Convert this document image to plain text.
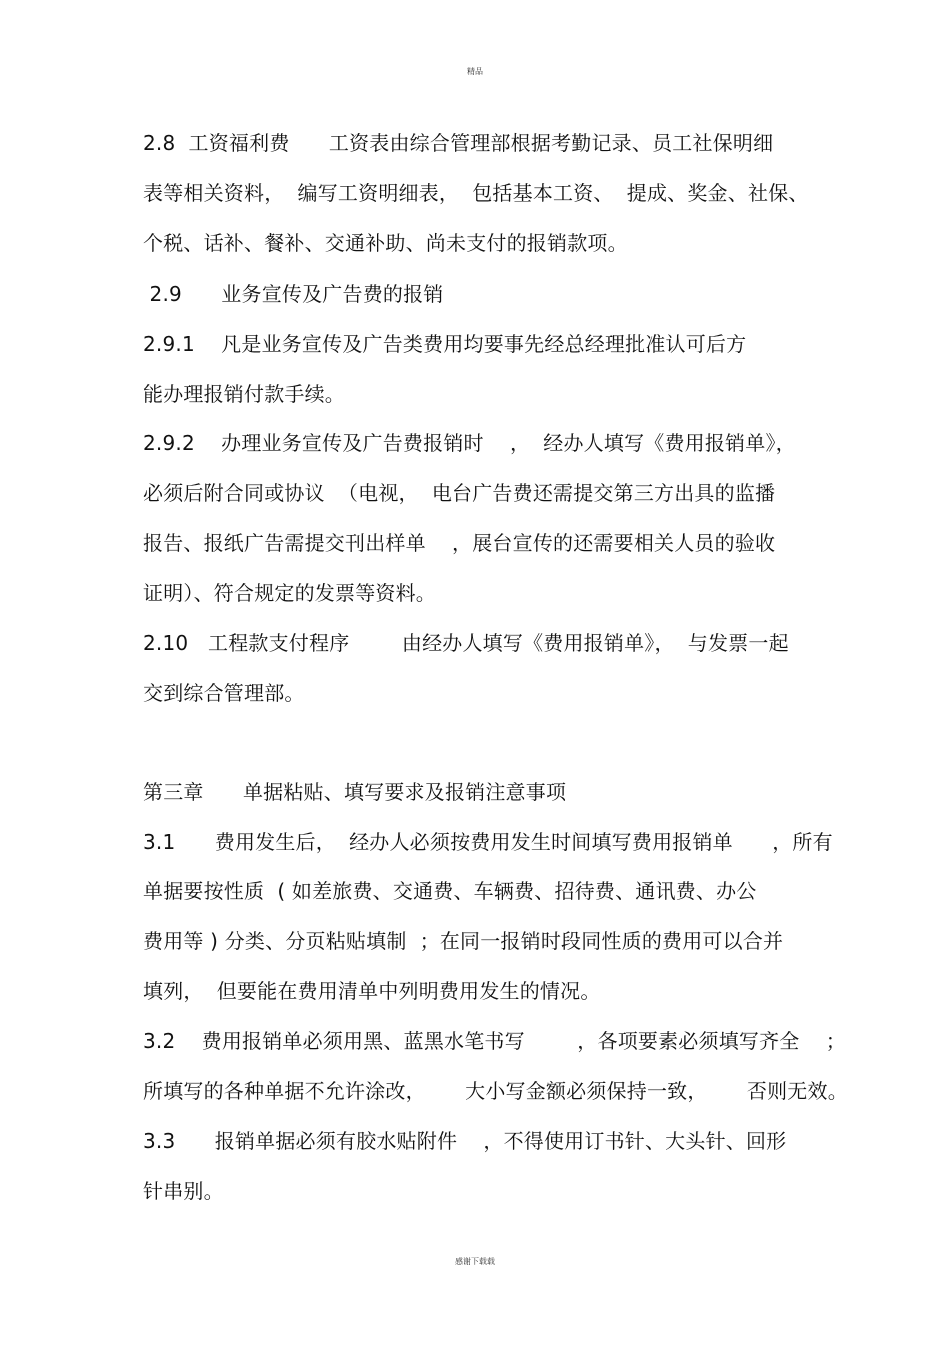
精品
2.8  工资福利费      工资表由综合管理部根据考勤记录、员工社保明细
表等相关资料，  编写工资明细表，  包括基本工资、  提成、奖金、社保、
个税、话补、餐补、交通补助、尚未支付的报销款项。
2.9      业务宣传及广告费的报销
2.9.1    凡是业务宣传及广告类费用均要事先经总经理批准认可后方
能办理报销付款手续。
2.9.2    办理业务宣传及广告费报销时    ，  经办人填写《费用报销单》，
必须后附合同或协议  （电视，  电台广告费还需提交第三方出具的监播
报告、报纸广告需提交刊出样单    ，展台宣传的还需要相关人员的验收
证明）、符合规定的发票等资料。
2.10   工程款支付程序        由经办人填写《费用报销单》，  与发票一起
交到综合管理部。
第三章      单据粘贴、填写要求及报销注意事项
3.1      费用发生后，  经办人必须按费用发生时间填写费用报销单      ，所有
单据要按性质  ( 如差旅费、交通费、车辆费、招待费、通讯费、办公
费用等 ) 分类、分页粘贴填制  ；在同一报销时段同性质的费用可以合并
填列，  但要能在费用清单中列明费用发生的情况。
3.2    费用报销单必须用黑、蓝黑水笔书写        ，各项要素必须填写齐全    ；
所填写的各种单据不允许涂改，      大小写金额必须保持一致，      否则无效。
3.3      报销单据必须有胶水贴附件    ，不得使用订书针、大头针、回形
针串别。
感谢下载载
